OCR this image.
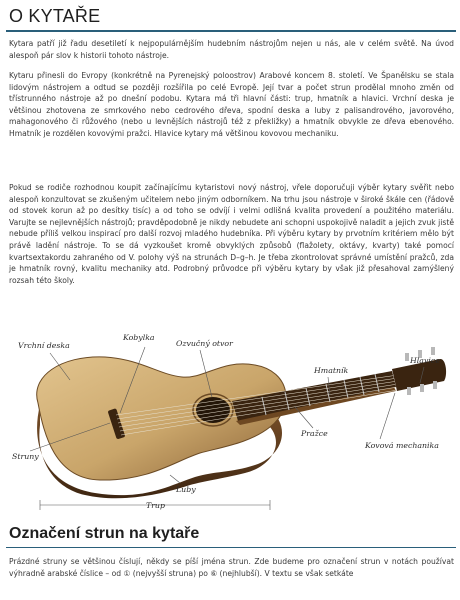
O KYTAŘE

Kytara patří již řadu desetiletí k nejpopulárnějším hudebním nástrojům nejen u nás, ale v celém světě. Na úvod alespoň pár slov k historii tohoto nástroje.

Kytaru přinesli do Evropy (konkrétně na Pyrenejský poloostrov) Arabové koncem 8. století. Ve Španělsku se stala lidovým nástrojem a odtud se později rozšířila po celé Evropě. Její tvar a počet strun prodělal mnoho změn od třístrunného nástroje až po dnešní podobu. Kytara má tři hlavní části: trup, hmatník a hlavici. Vrchní deska je většinou zhotovena ze smrkového nebo cedrového dřeva, spodní deska a luby z palisandrového, javorového, mahagonového či růžového (nebo u levnějších nástrojů též z překližky) a hmatník obvykle ze dřeva ebenového. Hmatník je rozdělen kovovými pražci. Hlavice kytary má většinou kovovou mechaniku.

Pokud se rodiče rozhodnou koupit začínajícímu kytaristovi nový nástroj, vřele doporučuji výběr kytary svěřit nebo alespoň konzultovat se zkušeným učitelem nebo jiným odborníkem. Na trhu jsou nástroje v široké škále cen (řádově od stovek korun až po desítky tisíc) a od toho se odvíjí i velmi odlišná kvalita provedení a použitého materiálu. Varujte se nejlevnějších nástrojů; pravděpodobně je nikdy nebudete ani schopni uspokojivě naladit a jejich zvuk jistě nebude příliš velkou inspirací pro další rozvoj mladého hudebníka. Při výběru kytary by prvotním kritériem mělo být právě ladění nástroje. To se dá vyzkoušet kromě obvyklých způsobů (flažolety, oktávy, kvarty) také pomocí kvartsextakordu zahraného od V. polohy výš na strunách D–g–h. Je třeba zkontrolovat správné umístění pražců, zda je hmatník rovný, kvalitu mechaniky atd. Podrobný průvodce při výběru kytary by však již přesahoval zamýšlený rozsah této školy.

Vrchní deska
Kobylka
Ozvučný otvor
Hmatník
Hlavice
Pražce
Kovová mechanika
Struny
Luby
Trup
Označení strun na kytaře

Prázdné struny se většinou číslují, někdy se píší jména strun. Zde budeme pro označení strun v notách používat výhradně arabské číslice – od ① (nejvyšší struna) po ⑥ (nejhlubší). V textu se však setkáte
